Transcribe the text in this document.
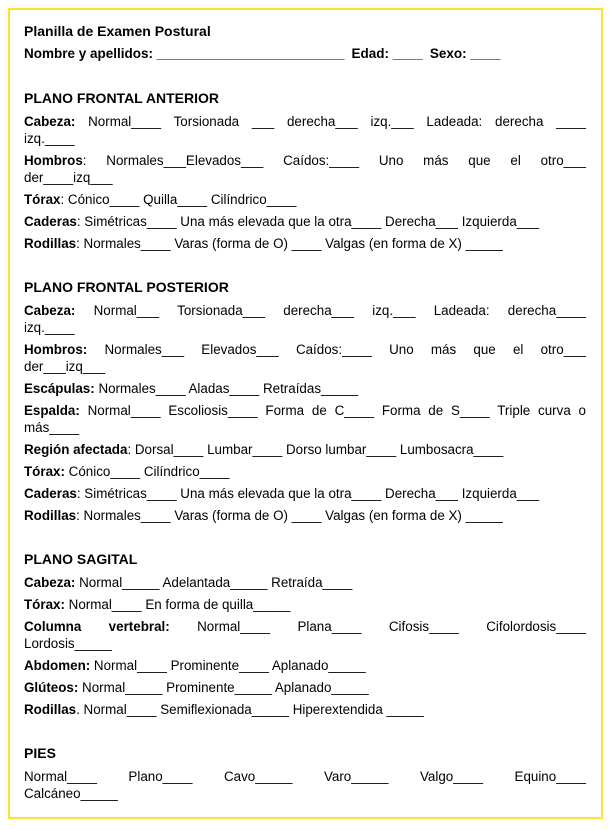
Planilla de Examen Postural

Nombre y apellidos: _________________________ Edad: ____ Sexo: ____

PLANO FRONTAL ANTERIOR
Cabeza: Normal____ Torsionada ___ derecha___ izq.___ Ladeada: derecha ____
izq.____
Hombros: Normales___Elevados___ Caídos:____ Uno más que el otro___
der____izq___
Tórax: Cónico____ Quilla____ Cilíndrico____
Caderas: Simétricas____ Una más elevada que la otra____ Derecha___ Izquierda___
Rodillas: Normales____ Varas (forma de O) ____ Valgas (en forma de X) _____
PLANO FRONTAL POSTERIOR
Cabeza: Normal___ Torsionada___ derecha___ izq.___ Ladeada: derecha____
izq.____
Hombros: Normales___ Elevados___ Caídos:____ Uno más que el otro___
der___izq___
Escápulas: Normales____ Aladas____ Retraídas_____
Espalda: Normal____ Escoliosis____ Forma de C____ Forma de S____ Triple curva o
más____
Región afectada: Dorsal____ Lumbar____ Dorso lumbar____ Lumbosacra____
Tórax: Cónico____ Cilíndrico____
Caderas: Simétricas____ Una más elevada que la otra____ Derecha___ Izquierda___
Rodillas: Normales____ Varas (forma de O) ____ Valgas (en forma de X) _____
PLANO SAGITAL
Cabeza: Normal_____ Adelantada_____ Retraída____
Tórax: Normal____ En forma de quilla_____
Columna vertebral: Normal____ Plana____ Cifosis____ Cifolordosis____
Lordosis_____
Abdomen: Normal____ Prominente____ Aplanado_____
Glúteos: Normal_____ Prominente_____ Aplanado_____
Rodillas. Normal____ Semiflexionada_____ Hiperextendida _____
PIES
Normal____ Plano____ Cavo_____ Varo_____ Valgo____ Equino____
Calcáneo_____
